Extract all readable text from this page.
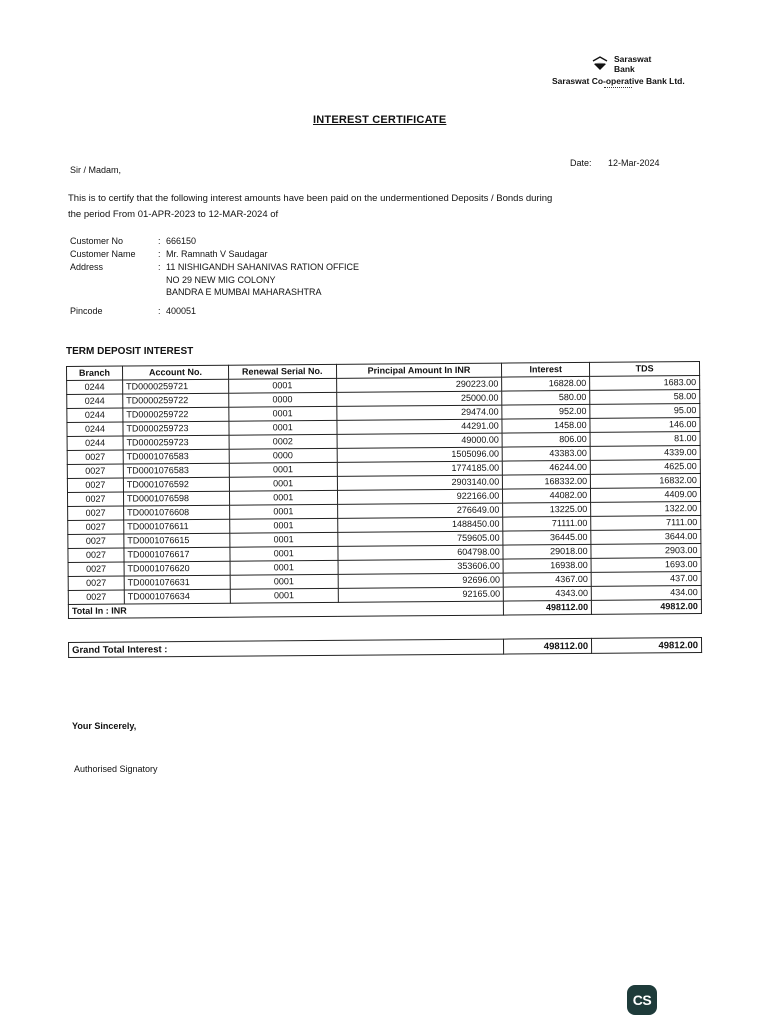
Saraswat
Bank
Saraswat Co-operative Bank Ltd.
INTEREST CERTIFICATE
Sir / Madam,
Date: 12-Mar-2024
This is to certify that the following interest amounts have been paid on the undermentioned Deposits / Bonds during
the period From 01-APR-2023 to 12-MAR-2024 of
Customer No	: 666150
Customer Name	: Mr. Ramnath V Saudagar
Address	: 11 NISHIGANDH SAHANIVAS RATION OFFICE
NO 29 NEW MIG COLONY
BANDRA E MUMBAI MAHARASHTRA
Pincode	: 400051
TERM DEPOSIT INTEREST
Branch	Account No.	Renewal Serial No.	Principal Amount In INR	Interest	TDS
0244	TD0000259721	0001	290223.00	16828.00	1683.00
0244	TD0000259722	0000	25000.00	580.00	58.00
0244	TD0000259722	0001	29474.00	952.00	95.00
0244	TD0000259723	0001	44291.00	1458.00	146.00
0244	TD0000259723	0002	49000.00	806.00	81.00
0027	TD0001076583	0000	1505096.00	43383.00	4339.00
0027	TD0001076583	0001	1774185.00	46244.00	4625.00
0027	TD0001076592	0001	2903140.00	168332.00	16832.00
0027	TD0001076598	0001	922166.00	44082.00	4409.00
0027	TD0001076608	0001	276649.00	13225.00	1322.00
0027	TD0001076611	0001	1488450.00	71111.00	7111.00
0027	TD0001076615	0001	759605.00	36445.00	3644.00
0027	TD0001076617	0001	604798.00	29018.00	2903.00
0027	TD0001076620	0001	353606.00	16938.00	1693.00
0027	TD0001076631	0001	92696.00	4367.00	437.00
0027	TD0001076634	0001	92165.00	4343.00	434.00
Total In : INR				498112.00	49812.00
Grand Total Interest :	498112.00	49812.00
Your Sincerely,
Authorised Signatory
CS
